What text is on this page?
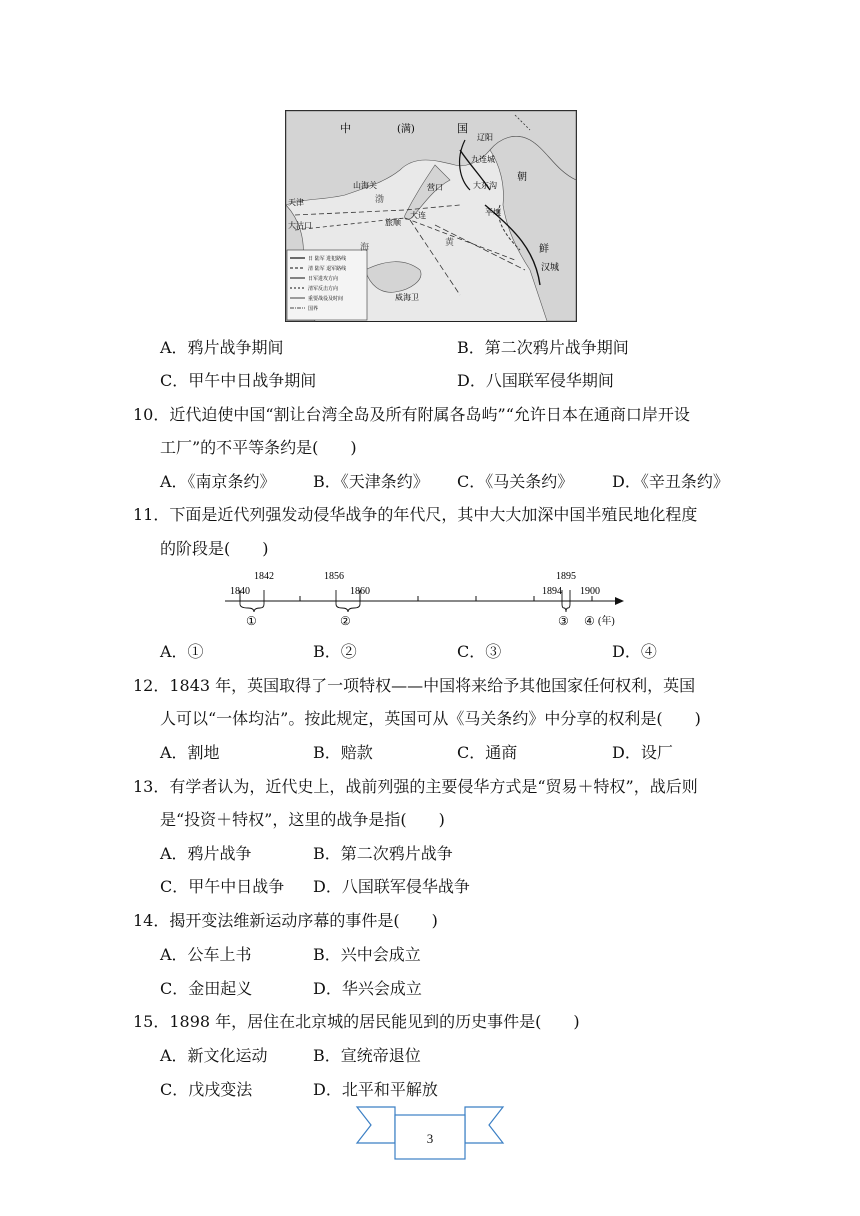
中	(满)	国
朝
鲜
山海关
天津
大沽口
营口
辽阳
九连城
旅顺
大连
威海卫
平壤
汉城
大东沟
渤
海	黄
日 陆军 进犯路线
清 陆军 退军路线
日军进攻方向
清军反击方向
重要战役及时间
国界
A．鸦片战争期间	B．第二次鸦片战争期间
C．甲午中日战争期间	D．八国联军侵华期间
10．近代迫使中国“割让台湾全岛及所有附属各岛屿”“允许日本在通商口岸开设
工厂”的不平等条约是(　　)
A．《南京条约》 B．《天津条约》 C．《马关条约》 D．《辛丑条约》
11．下面是近代列强发动侵华战争的年代尺，其中大大加深中国半殖民地化程度
的阶段是(　　)
1840
1842	1856
1860	1894
1895
1900
①	②	③ ④ (年)
A．①	B．②	C．③	D．④
12．1843 年，英国取得了一项特权——中国将来给予其他国家任何权利，英国
人可以“一体均沾”。按此规定，英国可从《马关条约》中分享的权利是(　　)
A．割地	B．赔款	C．通商	D．设厂
13．有学者认为，近代史上，战前列强的主要侵华方式是“贸易＋特权”，战后则
是“投资＋特权”，这里的战争是指(　　)
A．鸦片战争	B．第二次鸦片战争
C．甲午中日战争 D．八国联军侵华战争
14．揭开变法维新运动序幕的事件是(　　)
A．公车上书	B．兴中会成立
C．金田起义	D．华兴会成立
15．1898 年，居住在北京城的居民能见到的历史事件是(　　)
A．新文化运动	B．宣统帝退位
C．戊戌变法	D．北平和平解放
3
